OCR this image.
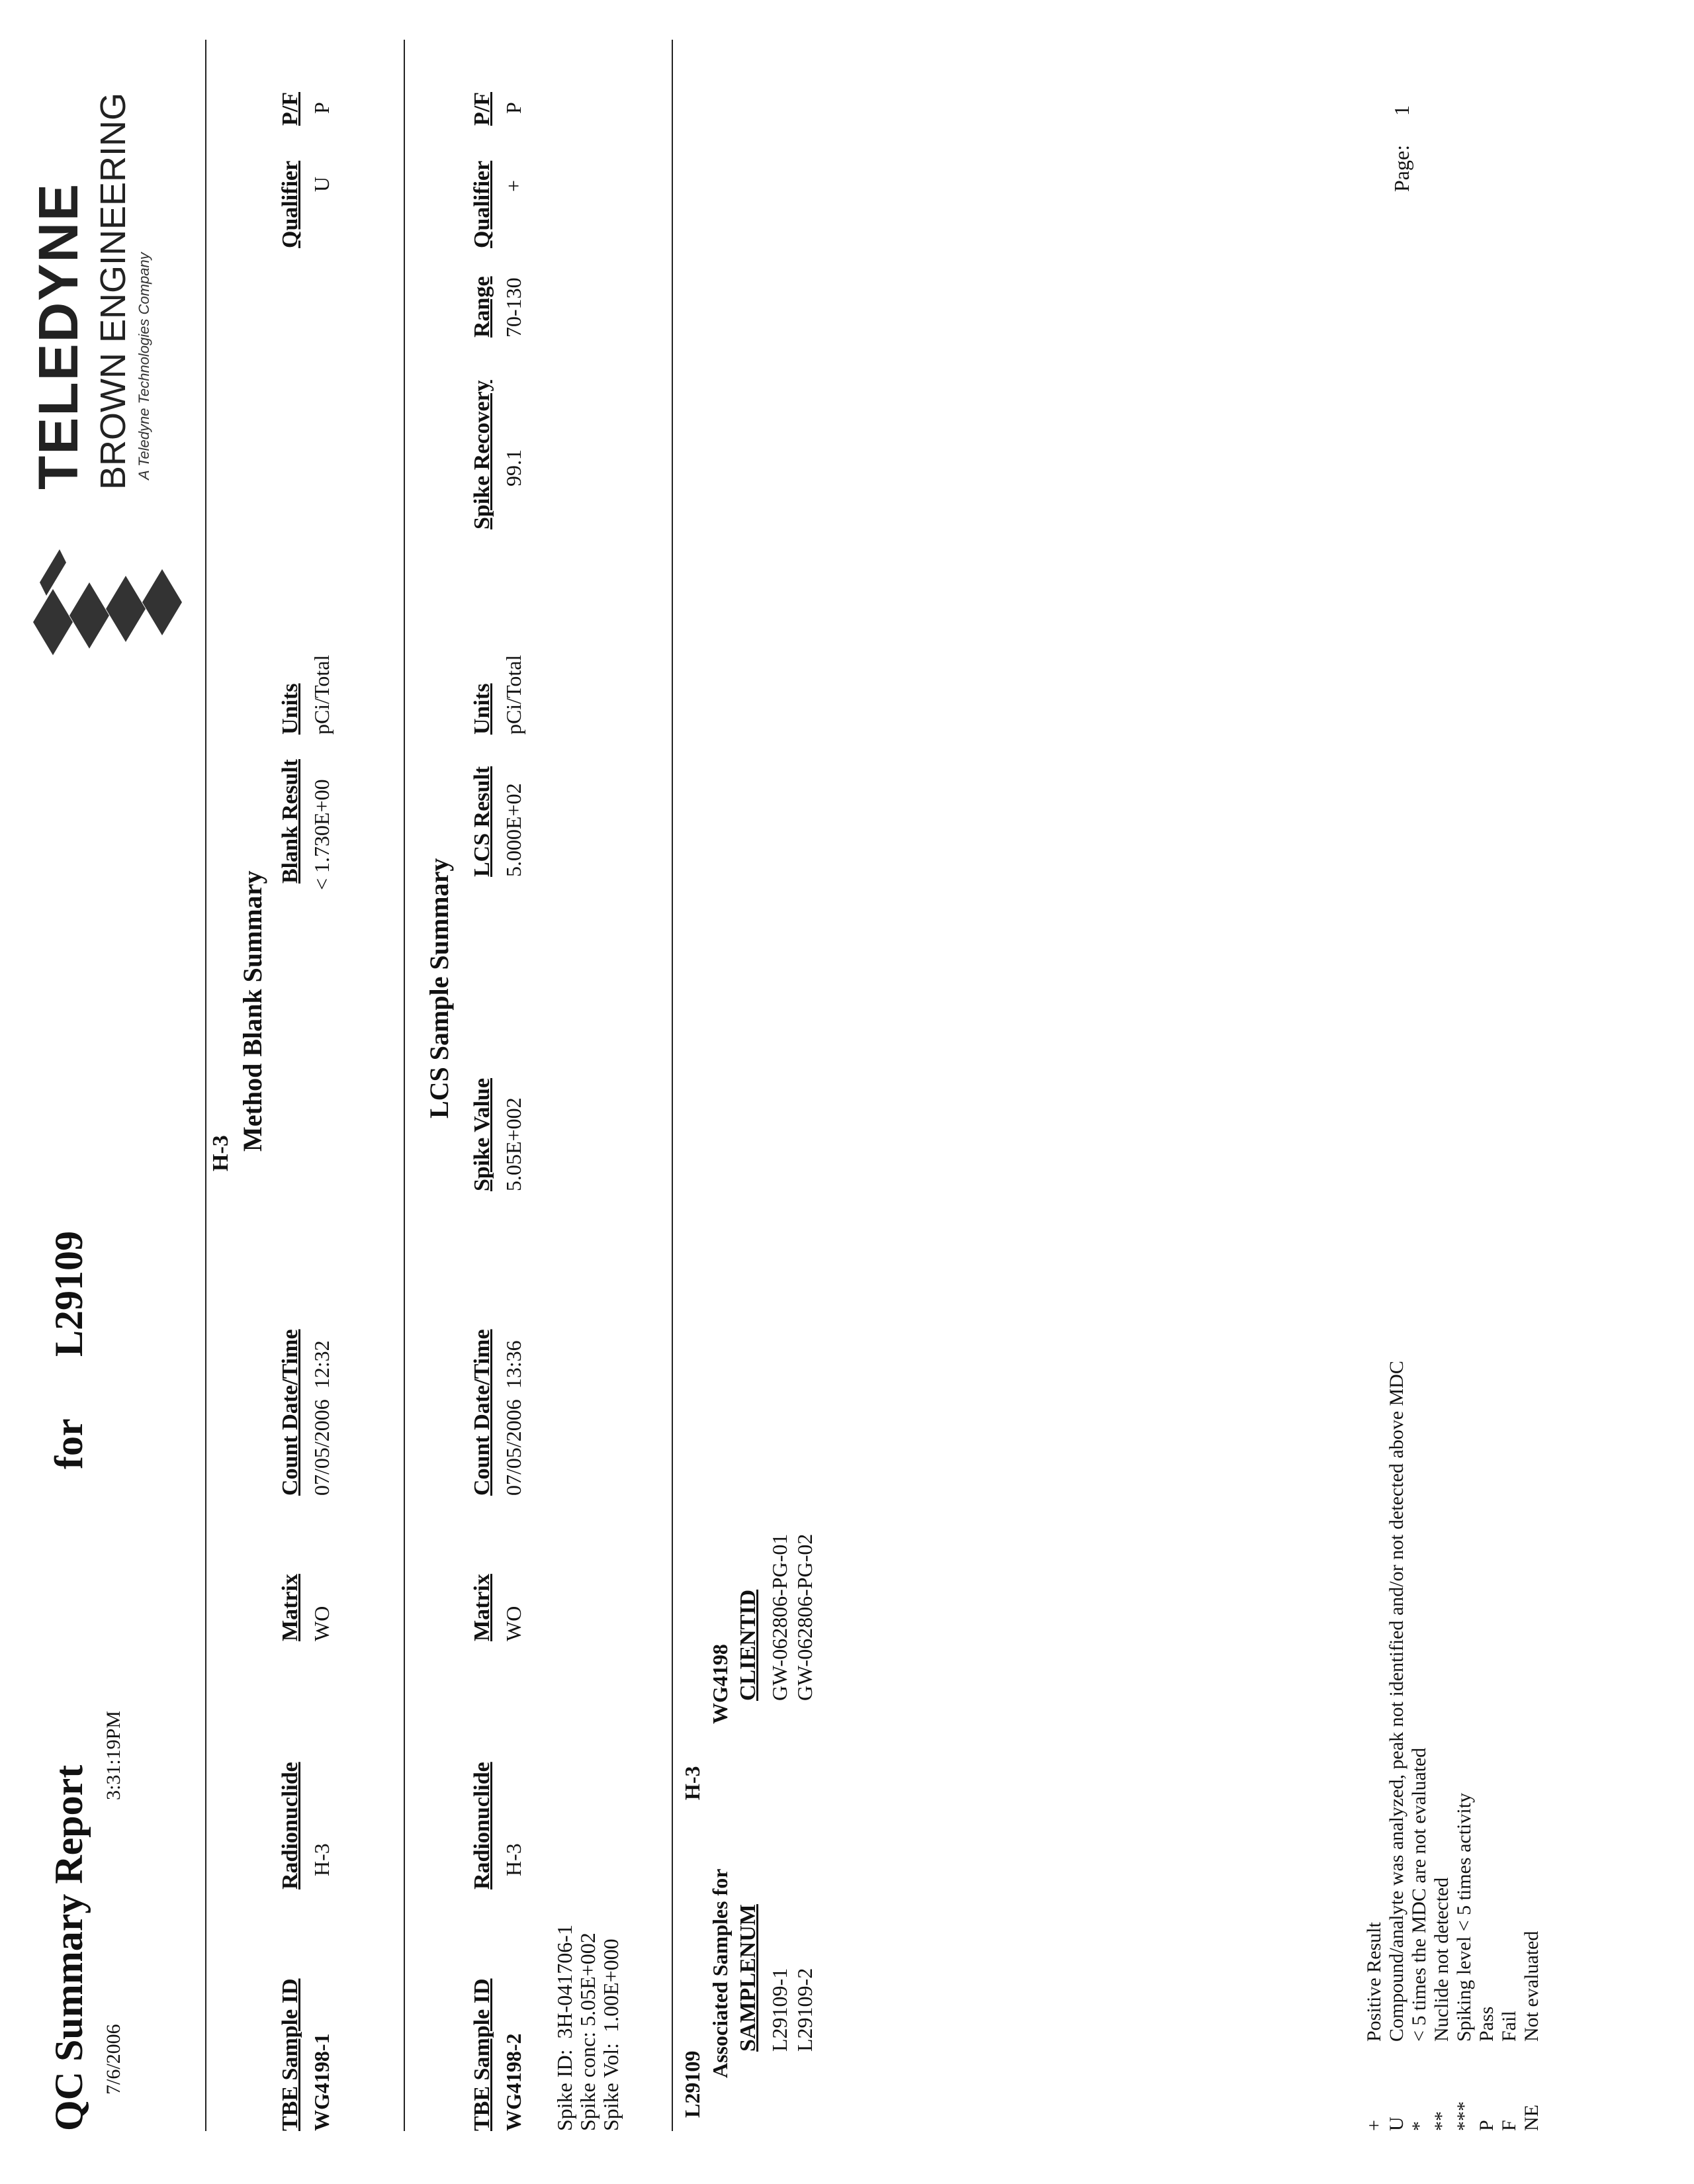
QC Summary Report
for
L29109
7/6/2006
3:31:19PM
TELEDYNE BROWN ENGINEERING A Teledyne Technologies Company
H-3
Method Blank Summary
TBE Sample ID
Radionuclide
Matrix
Count Date/Time
Blank Result
Units
Qualifier
P/F
WG4198-1
H-3
WO
07/05/2006  12:32
< 1.730E+00
pCi/Total
U
P
LCS Sample Summary
TBE Sample ID
Radionuclide
Matrix
Count Date/Time
Spike Value
LCS Result
Units
Spike Recovery
Range
Qualifier
P/F
WG4198-2
H-3
WO
07/05/2006  13:36
5.05E+002
5.000E+02
pCi/Total
99.1
70-130
+
P
Spike ID:  3H-041706-1 Spike conc: 5.05E+002 Spike Vol:  1.00E+000	L29109
H-3
Associated Samples for
WG4198
SAMPLENUM
CLIENTID
L29109-1 L29109-2
GW-062806-PG-01 GW-062806-PG-02
+
Positive Result
U
Compound/analyte was analyzed, peak not identified and/or not detected above MDC
*
< 5 times the MDC are not evaluated
**
Nuclide not detected
***
Spiking level < 5 times activity
P
Pass
F
Fail
NE
Not evaluated
Page:
1
